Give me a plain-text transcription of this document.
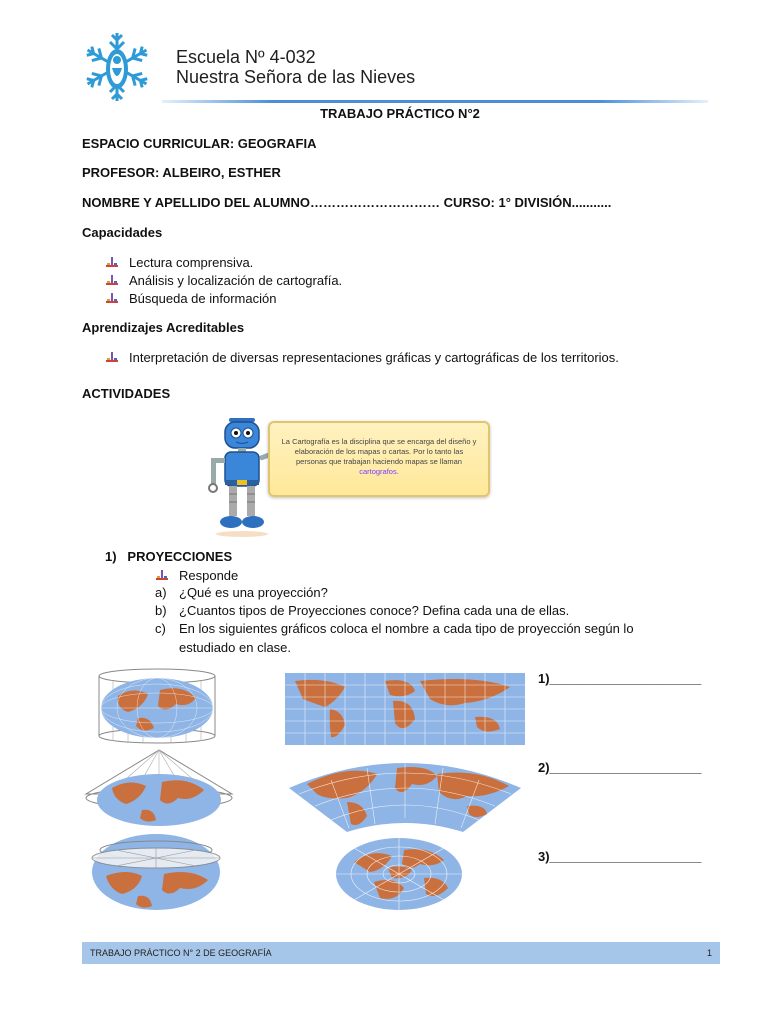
Escuela Nº 4-032
Nuestra Señora de las Nieves
TRABAJO PRÁCTICO N°2
ESPACIO CURRICULAR: GEOGRAFIA
PROFESOR: ALBEIRO, ESTHER
NOMBRE Y APELLIDO DEL ALUMNO………………………… CURSO: 1° DIVISIÓN...........
Capacidades
Lectura comprensiva.
Análisis y localización de cartografía.
Búsqueda de información
Aprendizajes Acreditables
Interpretación de diversas representaciones gráficas y cartográficas de los territorios.
ACTIVIDADES
La Cartografía es la disciplina que se encarga del diseño y elaboración de los mapas o cartas. Por lo tanto las personas que trabajan haciendo mapas se llaman cartografos.
1) PROYECCIONES
Responde
a) ¿Qué es una proyección?
b) ¿Cuantos tipos de Proyecciones conoce? Defina cada una de ellas.
c) En los siguientes gráficos coloca el nombre a cada tipo de proyección según lo
estudiado en clase.
1)_____________________
2)_____________________
3)_____________________
TRABAJO PRÁCTICO N° 2 DE GEOGRAFÍA	1
